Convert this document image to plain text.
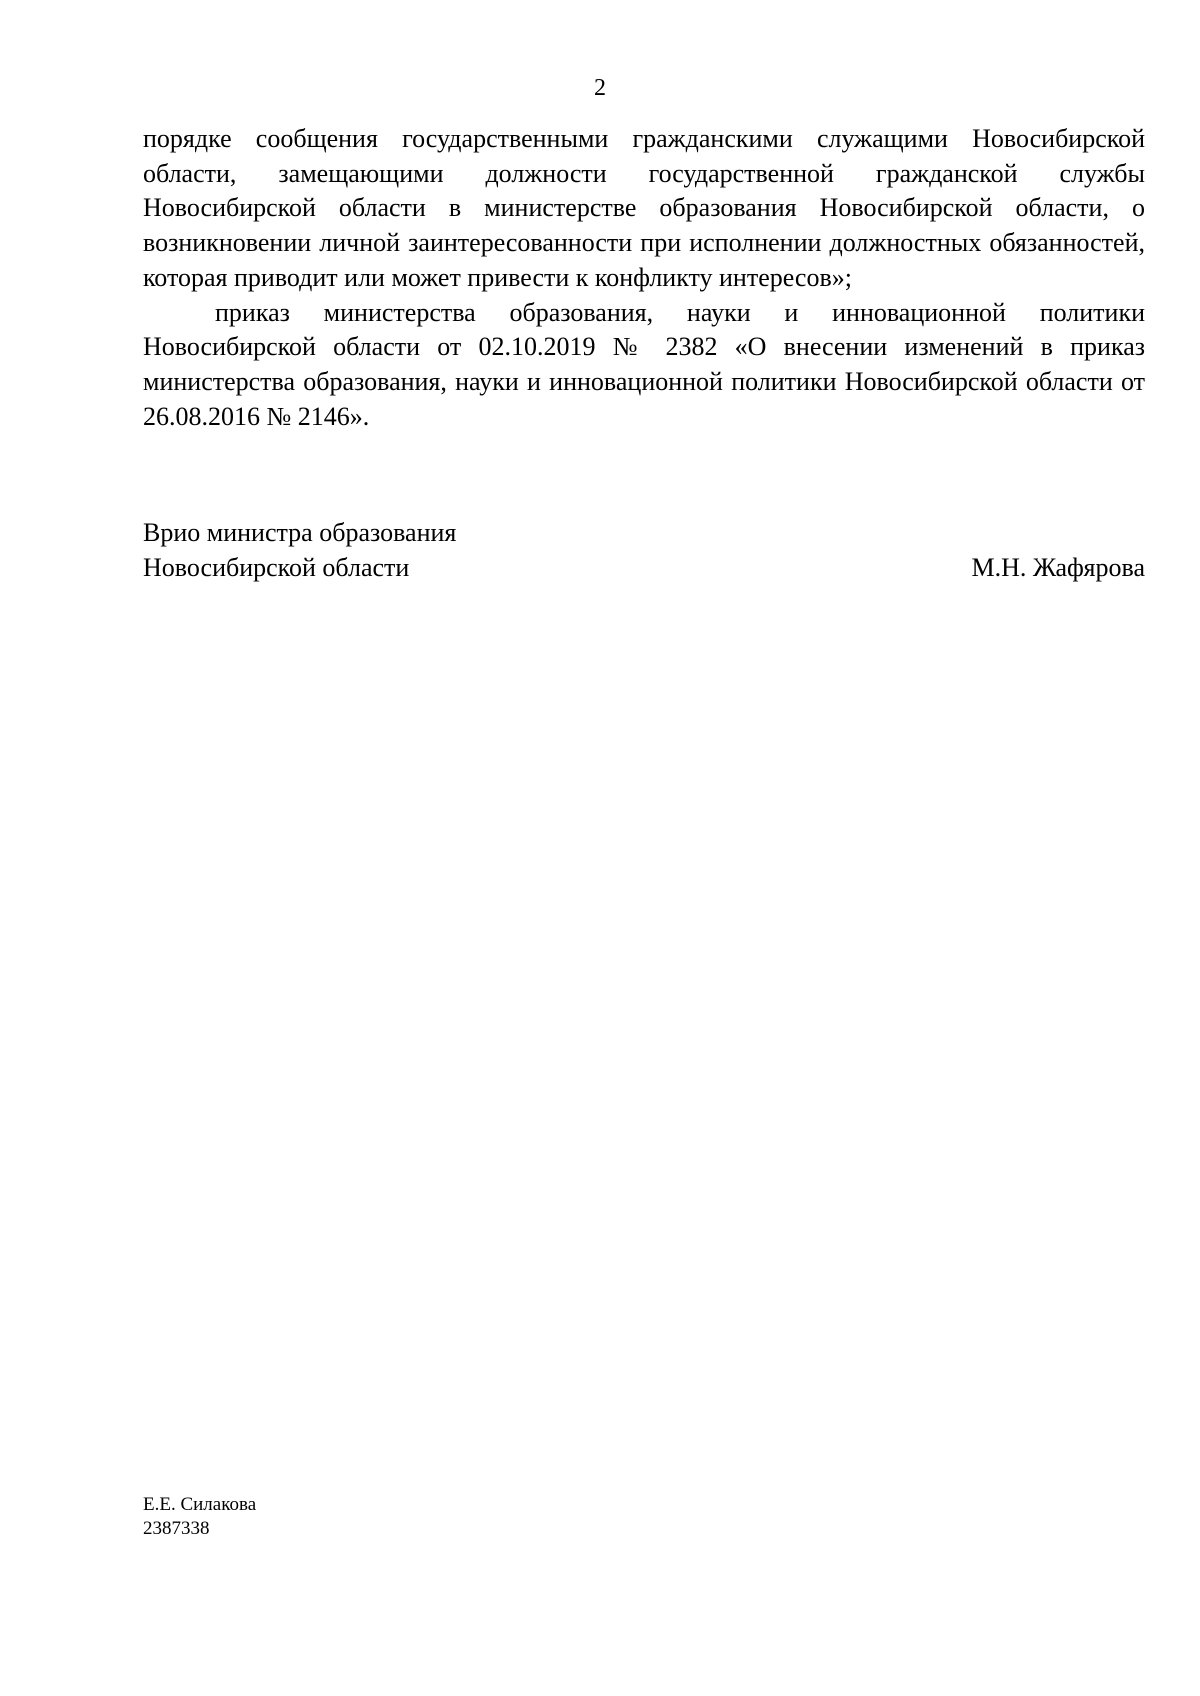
2

порядке сообщения государственными гражданскими служащими Новосибирской области, замещающими должности государственной гражданской службы Новосибирской области в министерстве образования Новосибирской области, о возникновении личной заинтересованности при исполнении должностных обязанностей, которая приводит или может привести к конфликту интересов»;

приказ министерства образования, науки и инновационной политики Новосибирской области от 02.10.2019 № 2382 «О внесении изменений в приказ министерства образования, науки и инновационной политики Новосибирской области от 26.08.2016 № 2146».

Врио министра образования
Новосибирской области	М.Н. Жафярова
Е.Е. Силакова
2387338
